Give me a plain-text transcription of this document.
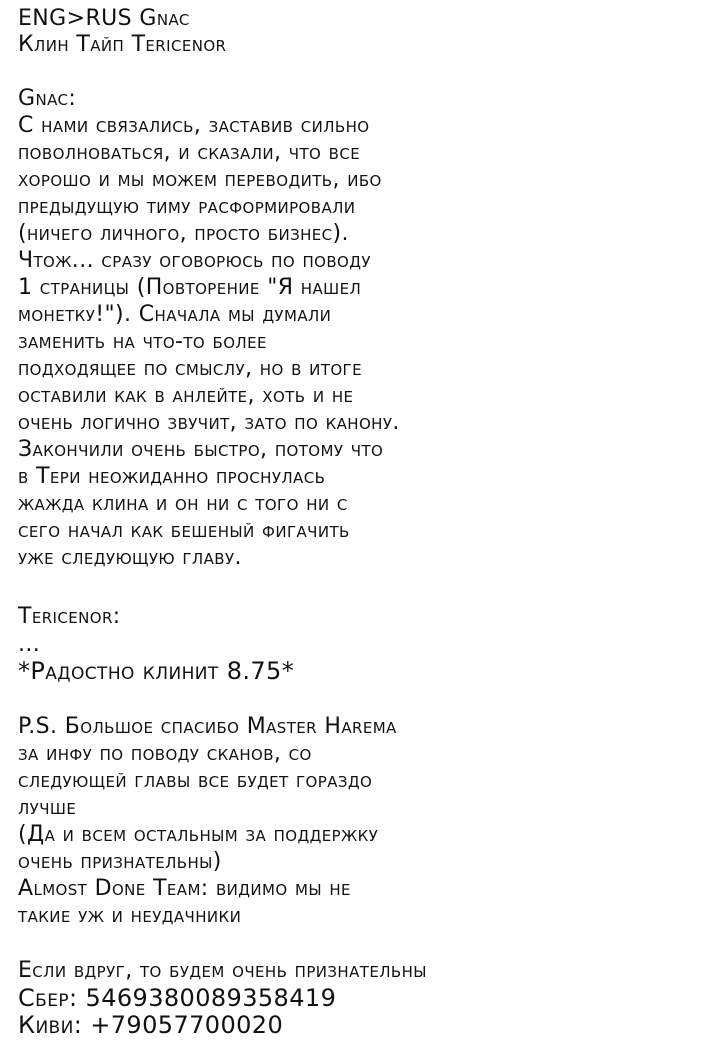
ENG>RUS Gnac
Клин Тайп Tericenor
Gnac:
С нами связались, заставив сильно
поволноваться, и сказали, что все
хорошо и мы можем переводить, ибо
предыдущую тиму расформировали
(ничего личного, просто бизнес).
Чтож... сразу оговорюсь по поводу
1 страницы (Повторение "Я нашел
монетку!"). Сначала мы думали
заменить на что-то более
подходящее по смыслу, но в итоге
оставили как в анлейте, хоть и не
очень логично звучит, зато по канону.
Закончили очень быстро, потому что
в Тери неожиданно проснулась
жажда клина и он ни с того ни с
сего начал как бешеный фигачить
уже следующую главу.
Tericenor:
...
*Радостно клинит 8.75*
P.S. Большое спасибо Master Harema
за инфу по поводу сканов, со
следующей главы все будет гораздо
лучше
(Да и всем остальным за поддержку
очень признательны)
Almost Done Team: видимо мы не
такие уж и неудачники
Если вдруг, то будем очень признательны
Сбер: 5469380089358419
Киви: +79057700020
